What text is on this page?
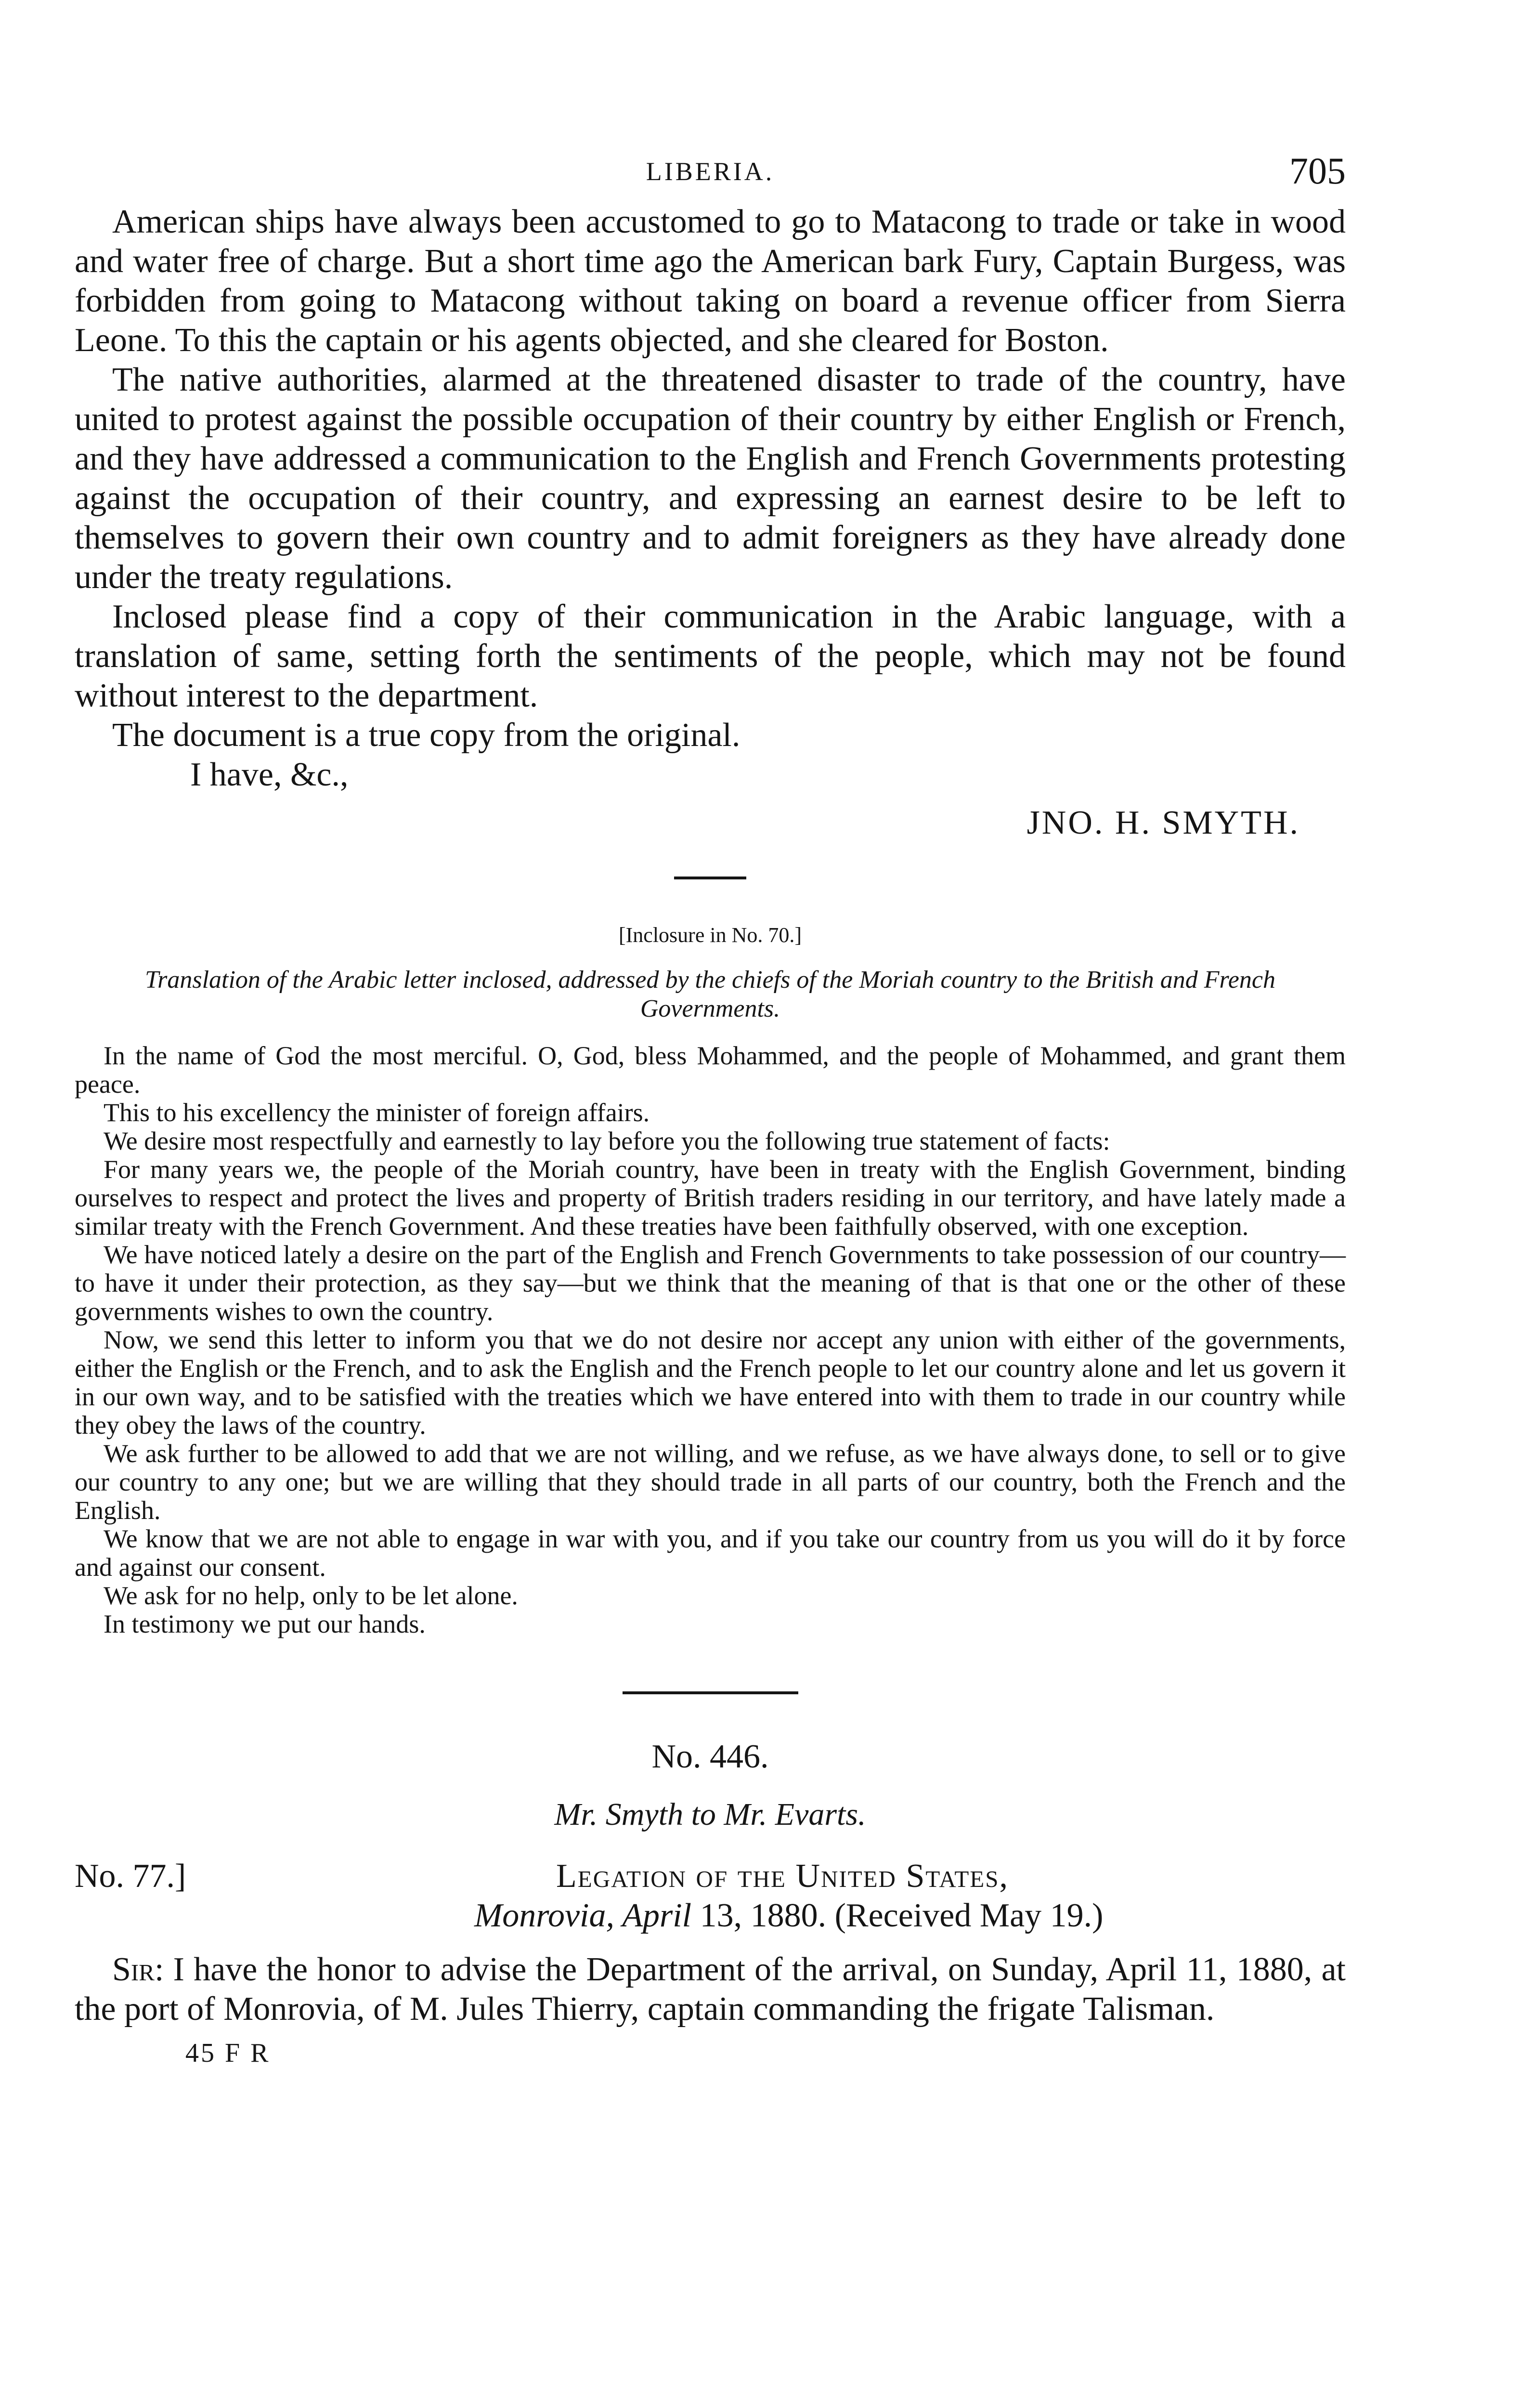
LIBERIA.	705

American ships have always been accustomed to go to Matacong to trade or take in wood and water free of charge. But a short time ago the American bark Fury, Captain Burgess, was forbidden from going to Matacong without taking on board a revenue officer from Sierra Leone. To this the captain or his agents objected, and she cleared for Boston.

The native authorities, alarmed at the threatened disaster to trade of the country, have united to protest against the possible occupation of their country by either English or French, and they have addressed a communication to the English and French Governments protesting against the occupation of their country, and expressing an earnest desire to be left to themselves to govern their own country and to admit foreigners as they have already done under the treaty regulations.

Inclosed please find a copy of their communication in the Arabic language, with a translation of same, setting forth the sentiments of the people, which may not be found without interest to the department.

The document is a true copy from the original.

I have, &c.,
JNO. H. SMYTH.
[Inclosure in No. 70.]
Translation of the Arabic letter inclosed, addressed by the chiefs of the Moriah country to the British and French Governments.

In the name of God the most merciful. O, God, bless Mohammed, and the people of Mohammed, and grant them peace.

This to his excellency the minister of foreign affairs.

We desire most respectfully and earnestly to lay before you the following true statement of facts:

For many years we, the people of the Moriah country, have been in treaty with the English Government, binding ourselves to respect and protect the lives and property of British traders residing in our territory, and have lately made a similar treaty with the French Government. And these treaties have been faithfully observed, with one exception.

We have noticed lately a desire on the part of the English and French Governments to take possession of our country—to have it under their protection, as they say—but we think that the meaning of that is that one or the other of these governments wishes to own the country.

Now, we send this letter to inform you that we do not desire nor accept any union with either of the governments, either the English or the French, and to ask the English and the French people to let our country alone and let us govern it in our own way, and to be satisfied with the treaties which we have entered into with them to trade in our country while they obey the laws of the country.

We ask further to be allowed to add that we are not willing, and we refuse, as we have always done, to sell or to give our country to any one; but we are willing that they should trade in all parts of our country, both the French and the English.

We know that we are not able to engage in war with you, and if you take our country from us you will do it by force and against our consent.

We ask for no help, only to be let alone.

In testimony we put our hands.

No. 446.
Mr. Smyth to Mr. Evarts.
No. 77.]	Legation of the United States,
Monrovia, April 13, 1880. (Received May 19.)

Sir: I have the honor to advise the Department of the arrival, on Sunday, April 11, 1880, at the port of Monrovia, of M. Jules Thierry, captain commanding the frigate Talisman.

45 F R
